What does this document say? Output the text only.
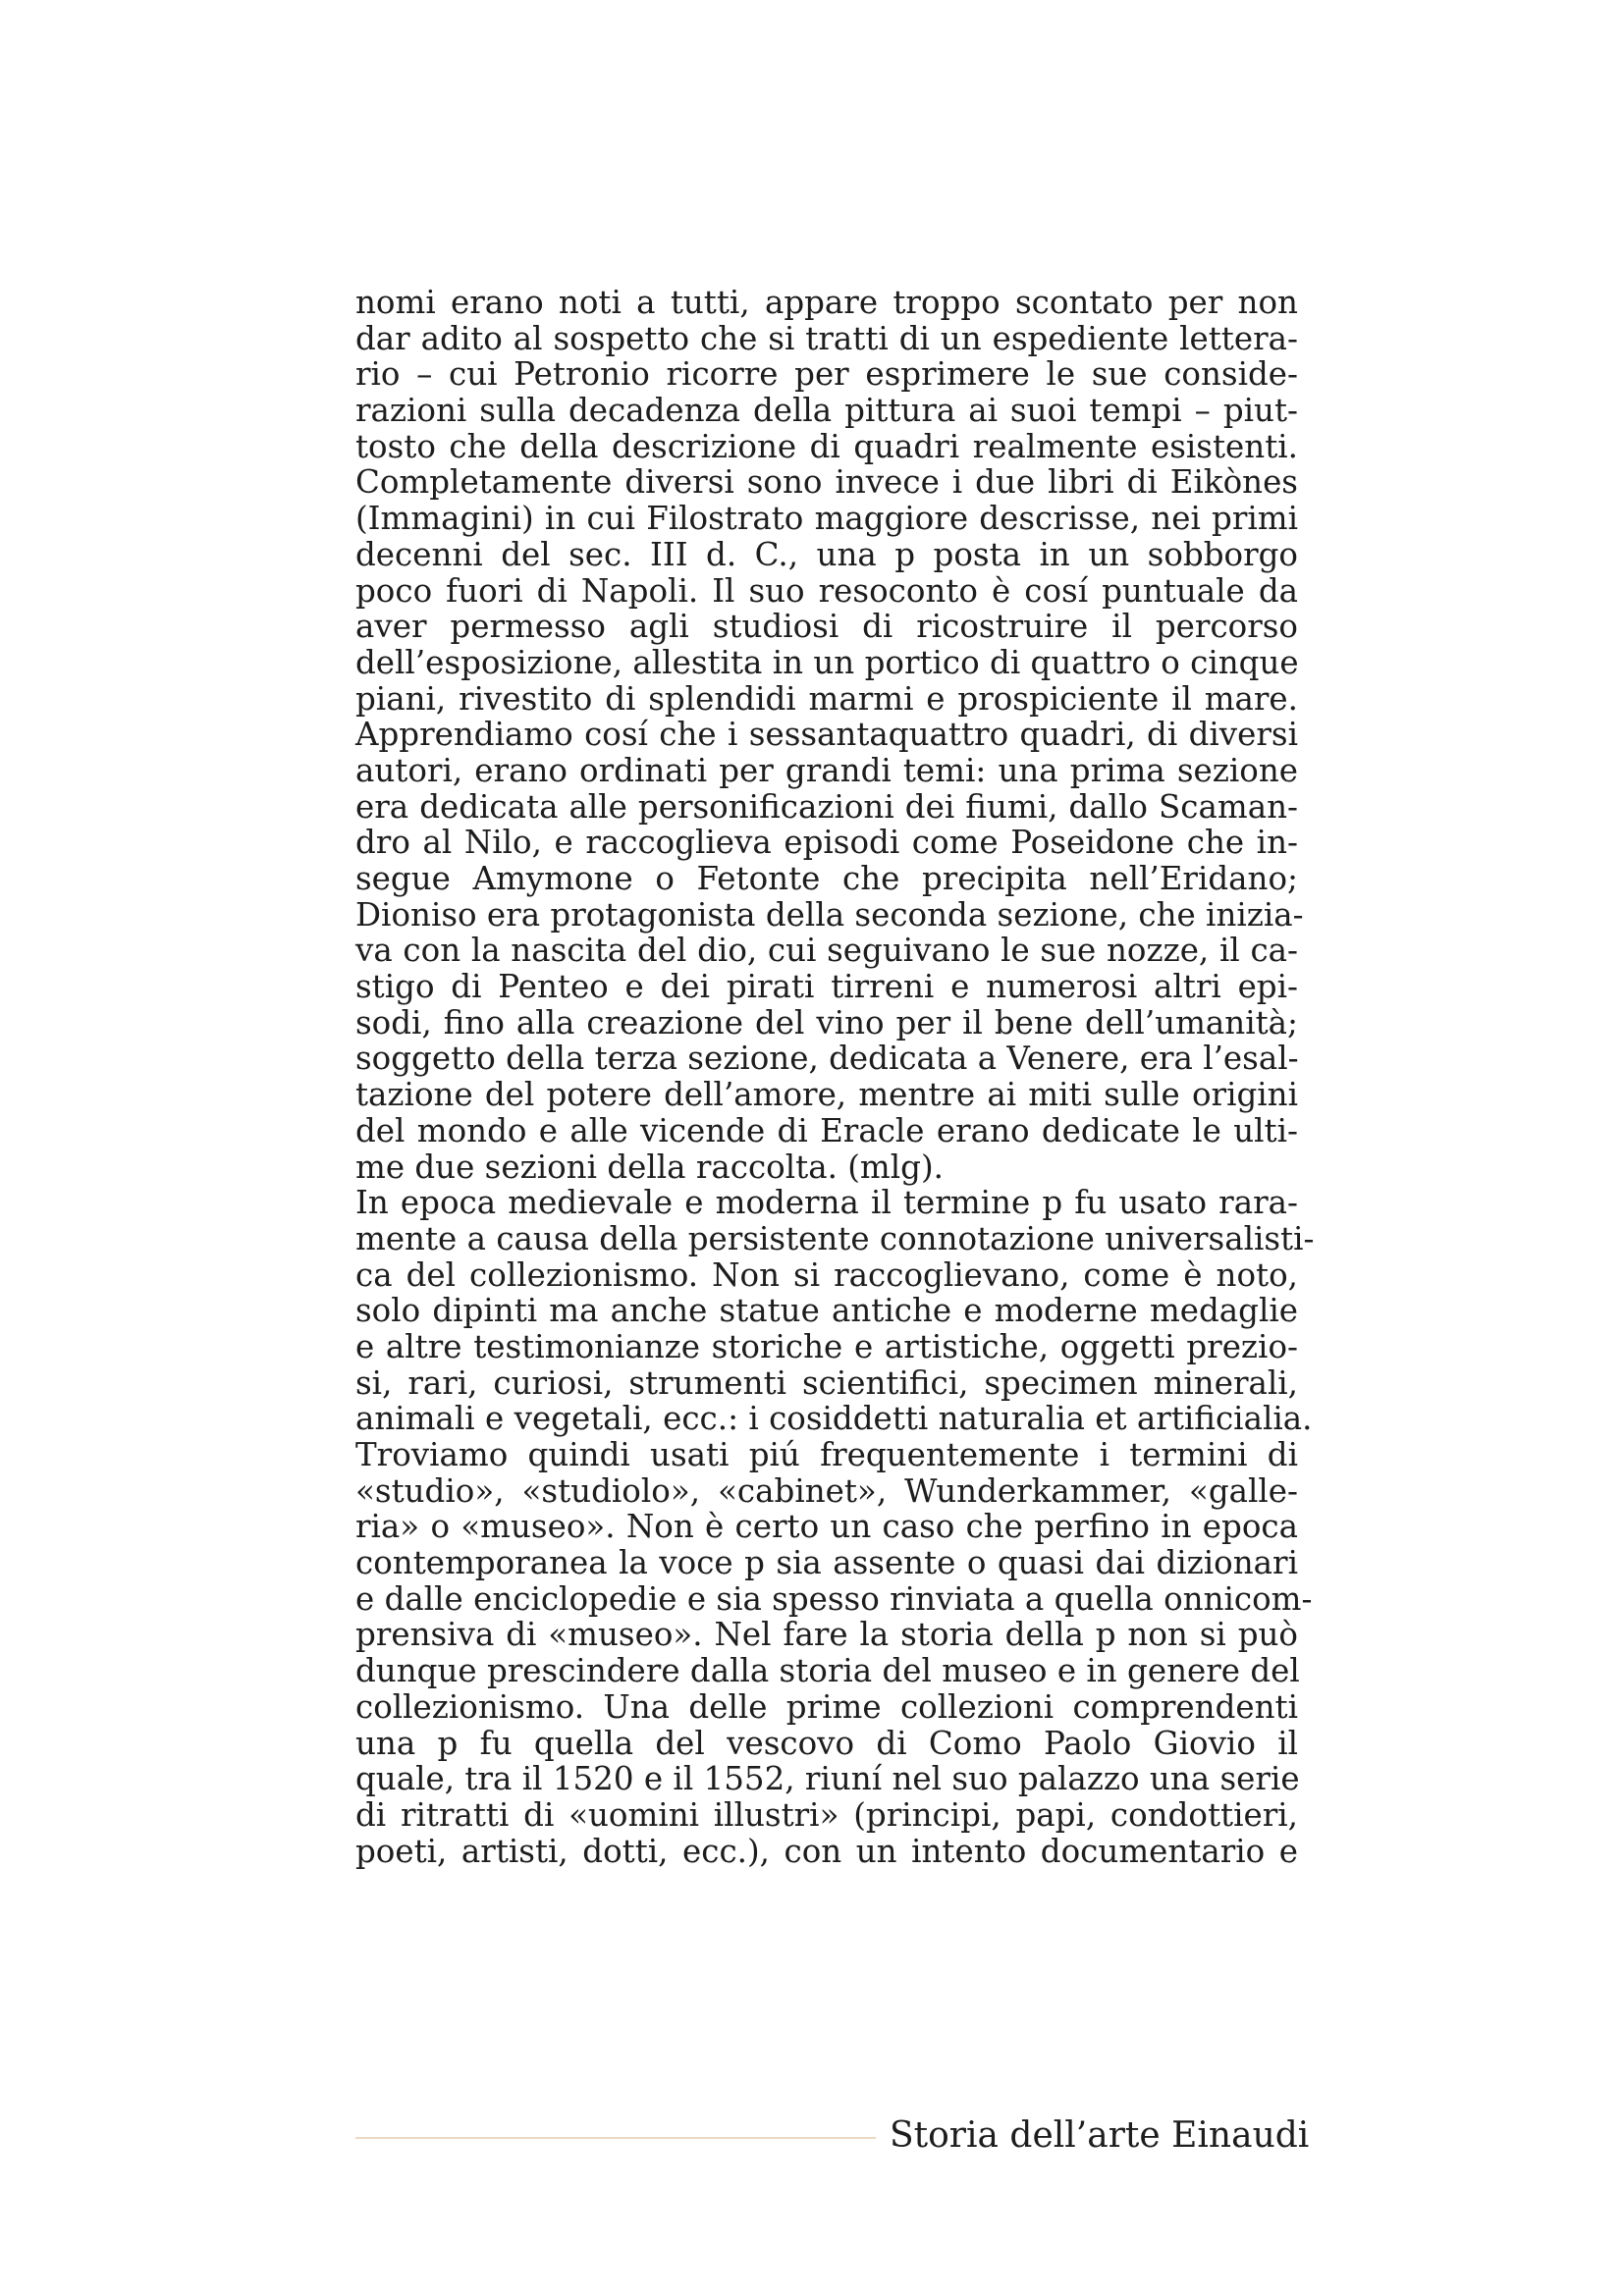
nomi erano noti a tutti, appare troppo scontato per non
dar adito al sospetto che si tratti di un espediente lettera-
rio – cui Petronio ricorre per esprimere le sue conside-
razioni sulla decadenza della pittura ai suoi tempi – piut-
tosto che della descrizione di quadri realmente esistenti.
Completamente diversi sono invece i due libri di Eikònes
(Immagini) in cui Filostrato maggiore descrisse, nei primi
decenni del sec. III d. C., una p posta in un sobborgo
poco fuori di Napoli. Il suo resoconto è cosí puntuale da
aver permesso agli studiosi di ricostruire il percorso
dell’esposizione, allestita in un portico di quattro o cinque
piani, rivestito di splendidi marmi e prospiciente il mare.
Apprendiamo cosí che i sessantaquattro quadri, di diversi
autori, erano ordinati per grandi temi: una prima sezione
era dedicata alle personificazioni dei fiumi, dallo Scaman-
dro al Nilo, e raccoglieva episodi come Poseidone che in-
segue Amymone o Fetonte che precipita nell’Eridano;
Dioniso era protagonista della seconda sezione, che inizia-
va con la nascita del dio, cui seguivano le sue nozze, il ca-
stigo di Penteo e dei pirati tirreni e numerosi altri epi-
sodi, fino alla creazione del vino per il bene dell’umanità;
soggetto della terza sezione, dedicata a Venere, era l’esal-
tazione del potere dell’amore, mentre ai miti sulle origini
del mondo e alle vicende di Eracle erano dedicate le ulti-
me due sezioni della raccolta. (mlg).
In epoca medievale e moderna il termine p fu usato rara-
mente a causa della persistente connotazione universalisti-
ca del collezionismo. Non si raccoglievano, come è noto,
solo dipinti ma anche statue antiche e moderne medaglie
e altre testimonianze storiche e artistiche, oggetti prezio-
si, rari, curiosi, strumenti scientifici, specimen minerali,
animali e vegetali, ecc.: i cosiddetti naturalia et artificialia.
Troviamo quindi usati piú frequentemente i termini di
«studio», «studiolo», «cabinet», Wunderkammer, «galle-
ria» o «museo». Non è certo un caso che perfino in epoca
contemporanea la voce p sia assente o quasi dai dizionari
e dalle enciclopedie e sia spesso rinviata a quella onnicom-
prensiva di «museo». Nel fare la storia della p non si può
dunque prescindere dalla storia del museo e in genere del
collezionismo. Una delle prime collezioni comprendenti
una p fu quella del vescovo di Como Paolo Giovio il
quale, tra il 1520 e il 1552, riuní nel suo palazzo una serie
di ritratti di «uomini illustri» (principi, papi, condottieri,
poeti, artisti, dotti, ecc.), con un intento documentario e
Storia dell’arte Einaudi
